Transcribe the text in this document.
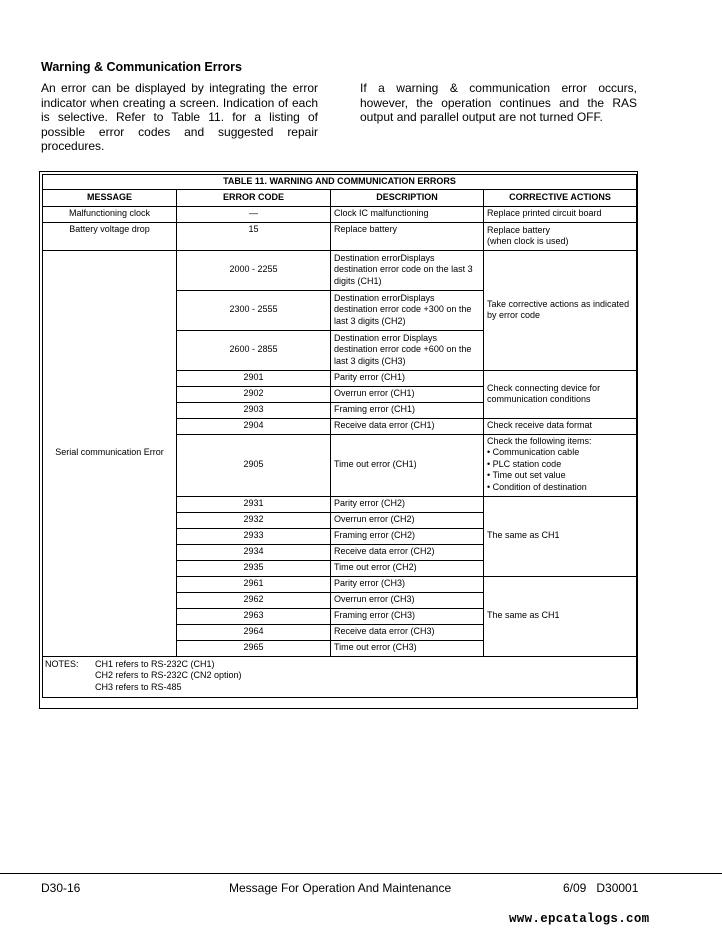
Warning & Communication Errors
An error can be displayed by integrating the error indicator when creating a screen. Indication of each is selective. Refer to Table 11. for a listing of possible error codes and suggested repair procedures.
If a warning & communication error occurs, however, the operation continues and the RAS output and parallel output are not turned OFF.
TABLE 11. WARNING AND COMMUNICATION ERRORS			
MESSAGE	ERROR CODE	DESCRIPTION	CORRECTIVE ACTIONS
Malfunctioning clock	—	Clock IC malfunctioning	Replace printed circuit board
Battery voltage drop	15	Replace battery	Replace battery
(when clock is used)

Serial communication Error	2000 - 2255	Destination errorDisplays destination error code on the last 3 digits (CH1)	Take corrective actions as indicated by error code
	2300 - 2555	Destination errorDisplays destination error code +300 on the last 3 digits (CH2)	
	2600 - 2855	Destination error Displays destination error code +600 on the last 3 digits (CH3)	
	2901	Parity error (CH1)	Check connecting device for communication conditions
	2902	Overrun error (CH1)	
	2903	Framing error (CH1)	
	2904	Receive data error (CH1)	Check receive data format
	2905	Time out error (CH1)	Check the following items:
• Communication cable
• PLC station code
• Time out set value
• Condition of destination

	2931	Parity error (CH2)	The same as CH1
	2932	Overrun error (CH2)	
	2933	Framing error (CH2)	
	2934	Receive data error (CH2)	
	2935	Time out error (CH2)	
	2961	Parity error (CH3)	The same as CH1
	2962	Overrun error (CH3)	
	2963	Framing error (CH3)	
	2964	Receive data error (CH3)	
	2965	Time out error (CH3)	

NOTES: CH1 refers to RS-232C (CH1)
CH2 refers to RS-232C (CN2 option)
CH3 refers to RS-485			
D30-16	Message For Operation And Maintenance	6/09   D30001
www.epcatalogs.com
